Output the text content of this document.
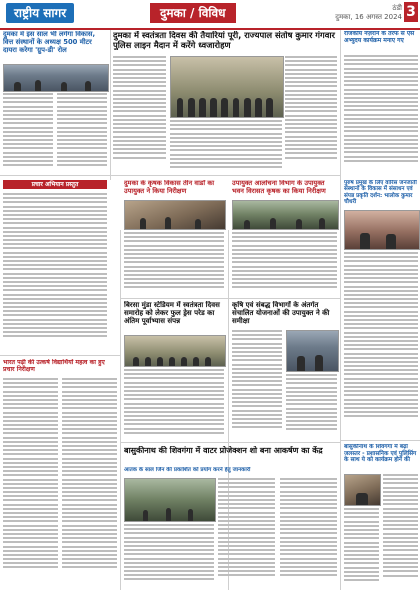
राष्ट्रीय सागर	दुमका / विविध	ठंडी
दुमका, 16 अगस्त 2024 3
दुमका में इस साल भी लगेगा विकास, वित्त संस्थानों के अध्यक्ष 500 मीटर दायरा करेगा 'ग्रुप-डी' रोल
दुमका में स्वतंत्रता दिवस की तैयारियां पूरी, राज्यपाल संतोष कुमार गंगवार पुलिस लाइन मैदान में करेंगे ध्वजारोहण
राजकीय नज़राने के तरफ से ऐसे अभ्युदय कार्यक्रम मनाए गए
प्रचार अभियान प्रस्तुत	दुमका के कृषक विकास तीन वार्डों का उपायुक्त ने किया निरीक्षण
उपायुक्त आलोचना विभाग के उपायुक्त भवन विरासत कृषक का किया निरीक्षण
पुरुष प्रमुख के लिए वारिस जनजाती संस्थानों के विकास में संसाधन एवं संपन्न प्रकृति दर्शन: भालोक कुमार चौधरी
बिरसा मुंडा स्टेडियम में स्वतंत्रता दिवस समारोह को लेकर फुल ड्रेस परेड का अंतिम पूर्वाभ्यास संपन्न
कृषि एवं संबद्ध विभागों के अंतर्गत संचालित योजनाओं की उपायुक्त ने की समीक्षा
भारत पढ़ी की उत्कर्ष विद्यार्थियों महत्व का हुए प्रचार निरीक्षण
बासुकीनाथ के शिवगंगा में बढ़ा जलस्तर - प्रशासनिक एवं पुलिसिंग के साथ ये को कार्यक्रम होने की
बासुकीनाथ की शिवगंगा में वाटर प्रोजेक्शन शो बना आकर्षण का केंद्र
आतंक के साल जिन की प्रकाशित को प्रयोग करने हेतु जानकारी
